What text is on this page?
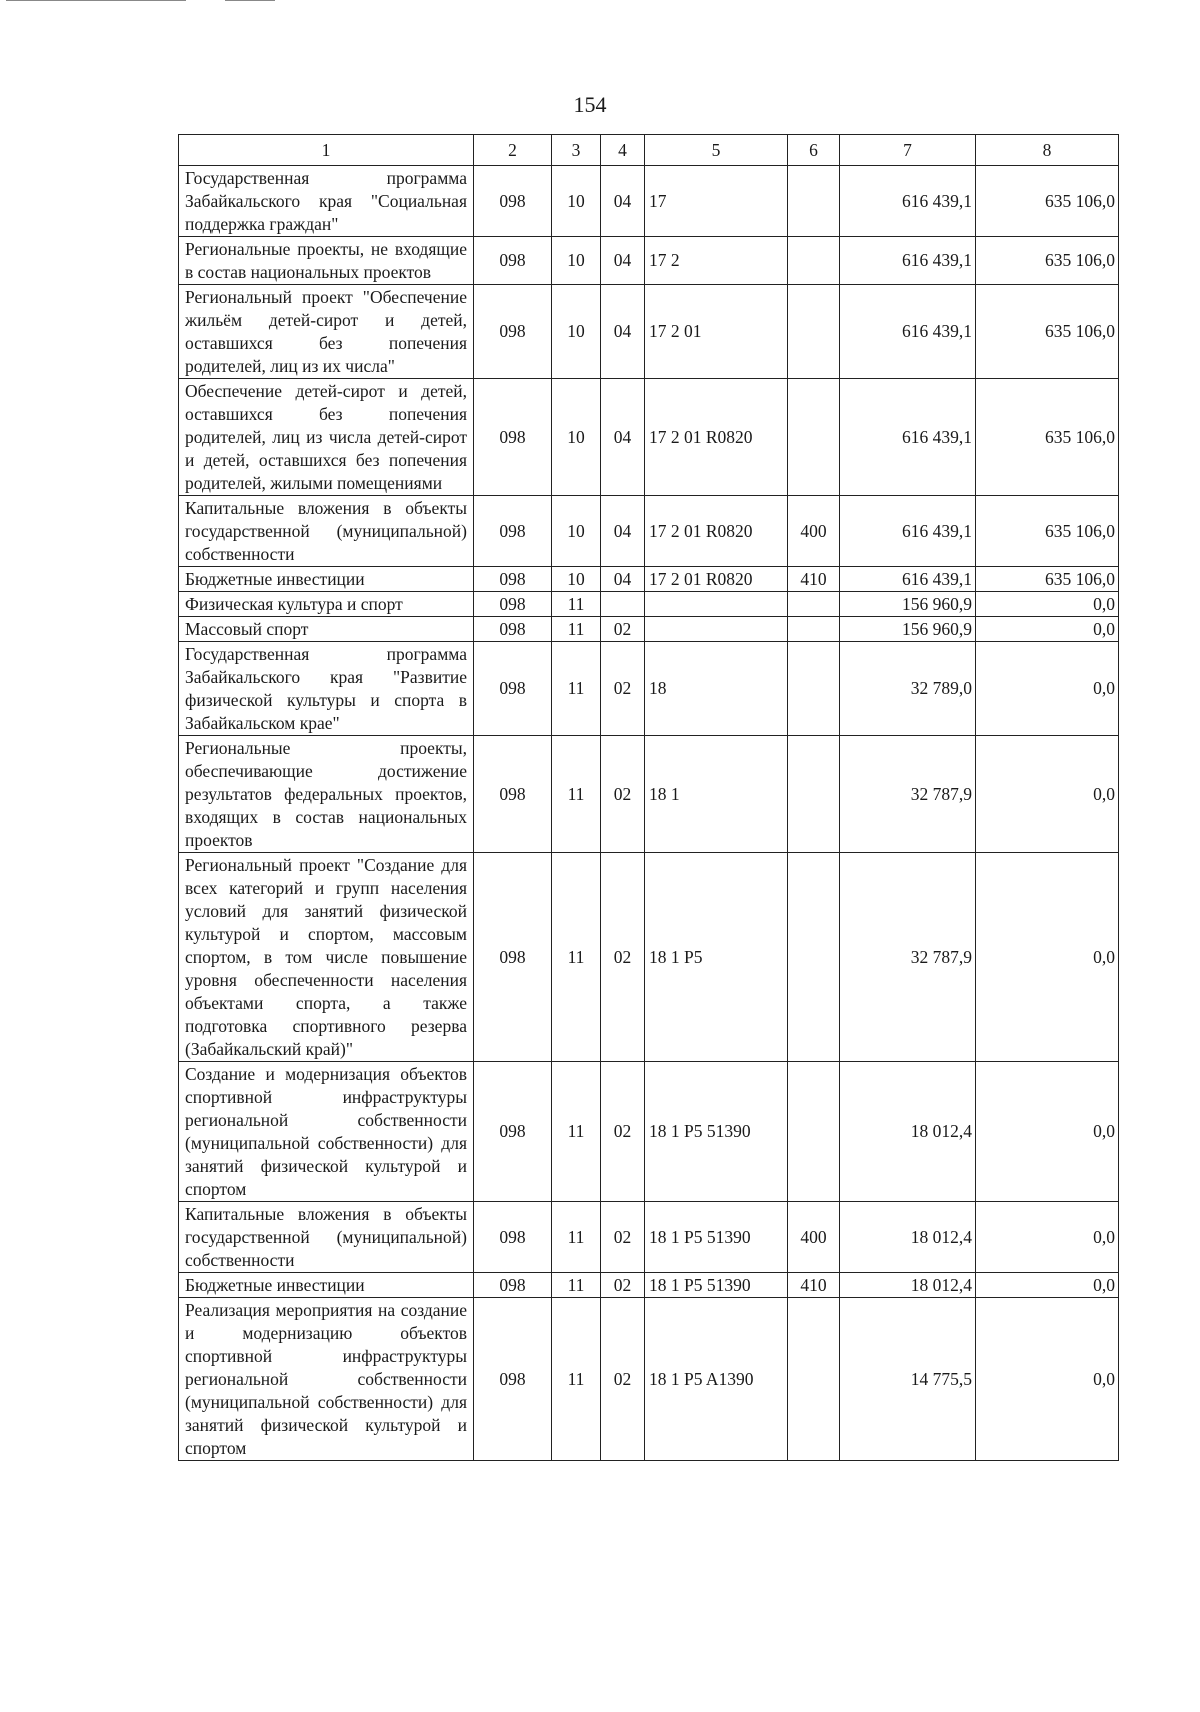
154
1	2	3	4	5	6	7	8
Государственная программа Забайкальского края "Социальная поддержка граждан"	098	10	04	17		616 439,1	635 106,0
Региональные проекты, не входящие в состав национальных проектов	098	10	04	17 2		616 439,1	635 106,0
Региональный проект "Обеспечение жильём детей-сирот и детей, оставшихся без попечения родителей, лиц из их числа"	098	10	04	17 2 01		616 439,1	635 106,0
Обеспечение детей-сирот и детей, оставшихся без попечения родителей, лиц из числа детей-сирот и детей, оставшихся без попечения родителей, жилыми помещениями	098	10	04	17 2 01 R0820		616 439,1	635 106,0
Капитальные вложения в объекты государственной (муниципальной) собственности	098	10	04	17 2 01 R0820	400	616 439,1	635 106,0
Бюджетные инвестиции	098	10	04	17 2 01 R0820	410	616 439,1	635 106,0
Физическая культура и спорт	098	11				156 960,9	0,0
Массовый спорт	098	11	02			156 960,9	0,0
Государственная программа Забайкальского края "Развитие физической культуры и спорта в Забайкальском крае"	098	11	02	18		32 789,0	0,0
Региональные проекты, обеспечивающие достижение результатов федеральных проектов, входящих в состав национальных проектов	098	11	02	18 1		32 787,9	0,0
Региональный проект "Создание для всех категорий и групп населения условий для занятий физической культурой и спортом, массовым спортом, в том числе повышение уровня обеспеченности населения объектами спорта, а также подготовка спортивного резерва (Забайкальский край)"	098	11	02	18 1 P5		32 787,9	0,0
Создание и модернизация объектов спортивной инфраструктуры региональной собственности (муниципальной собственности) для занятий физической культурой и спортом	098	11	02	18 1 P5 51390		18 012,4	0,0
Капитальные вложения в объекты государственной (муниципальной) собственности	098	11	02	18 1 P5 51390	400	18 012,4	0,0
Бюджетные инвестиции	098	11	02	18 1 P5 51390	410	18 012,4	0,0
Реализация мероприятия на создание и модернизацию объектов спортивной инфраструктуры региональной собственности (муниципальной собственности) для занятий физической культурой и спортом	098	11	02	18 1 P5 A1390		14 775,5	0,0
